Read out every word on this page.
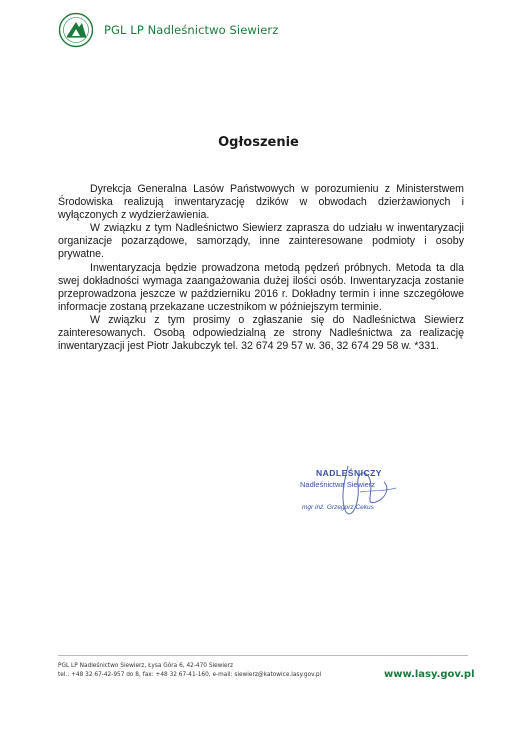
PGL LP Nadleśnictwo Siewierz
Ogłoszenie

Dyrekcja Generalna Lasów Państwowych w porozumieniu z Ministerstwem Środowiska realizują inwentaryzację dzików w obwodach dzierżawionych i wyłączonych z wydzierżawienia.

W związku z tym Nadleśnictwo Siewierz zaprasza do udziału w inwentaryzacji organizacje pozarządowe, samorządy, inne zainteresowane podmioty i osoby prywatne.

Inwentaryzacja będzie prowadzona metodą pędzeń próbnych. Metoda ta dla swej dokładności wymaga zaangażowania dużej ilości osób. Inwentaryzacja zostanie przeprowadzona jeszcze w październiku 2016 r. Dokładny termin i inne szczegółowe informacje zostaną przekazane uczestnikom w późniejszym terminie.

W związku z tym prosimy o zgłaszanie się do Nadleśnictwa Siewierz zainteresowanych. Osobą odpowiedzialną ze strony Nadleśnictwa za realizację inwentaryzacji jest Piotr Jakubczyk tel. 32 674 29 57 w. 36, 32 674 29 58 w. *331.

NADLEŚNICZY
Nadleśnictwa Siewierz
mgr inż. Grzegorz Cekus
PGL LP Nadleśnictwo Siewierz, Łysa Góra 6, 42-470 Siewierz
tel.: +48 32 67-42-957 do 8, fax: +48 32 67-41-160, e-mail: siewierz@katowice.lasy.gov.pl	www.lasy.gov.pl
